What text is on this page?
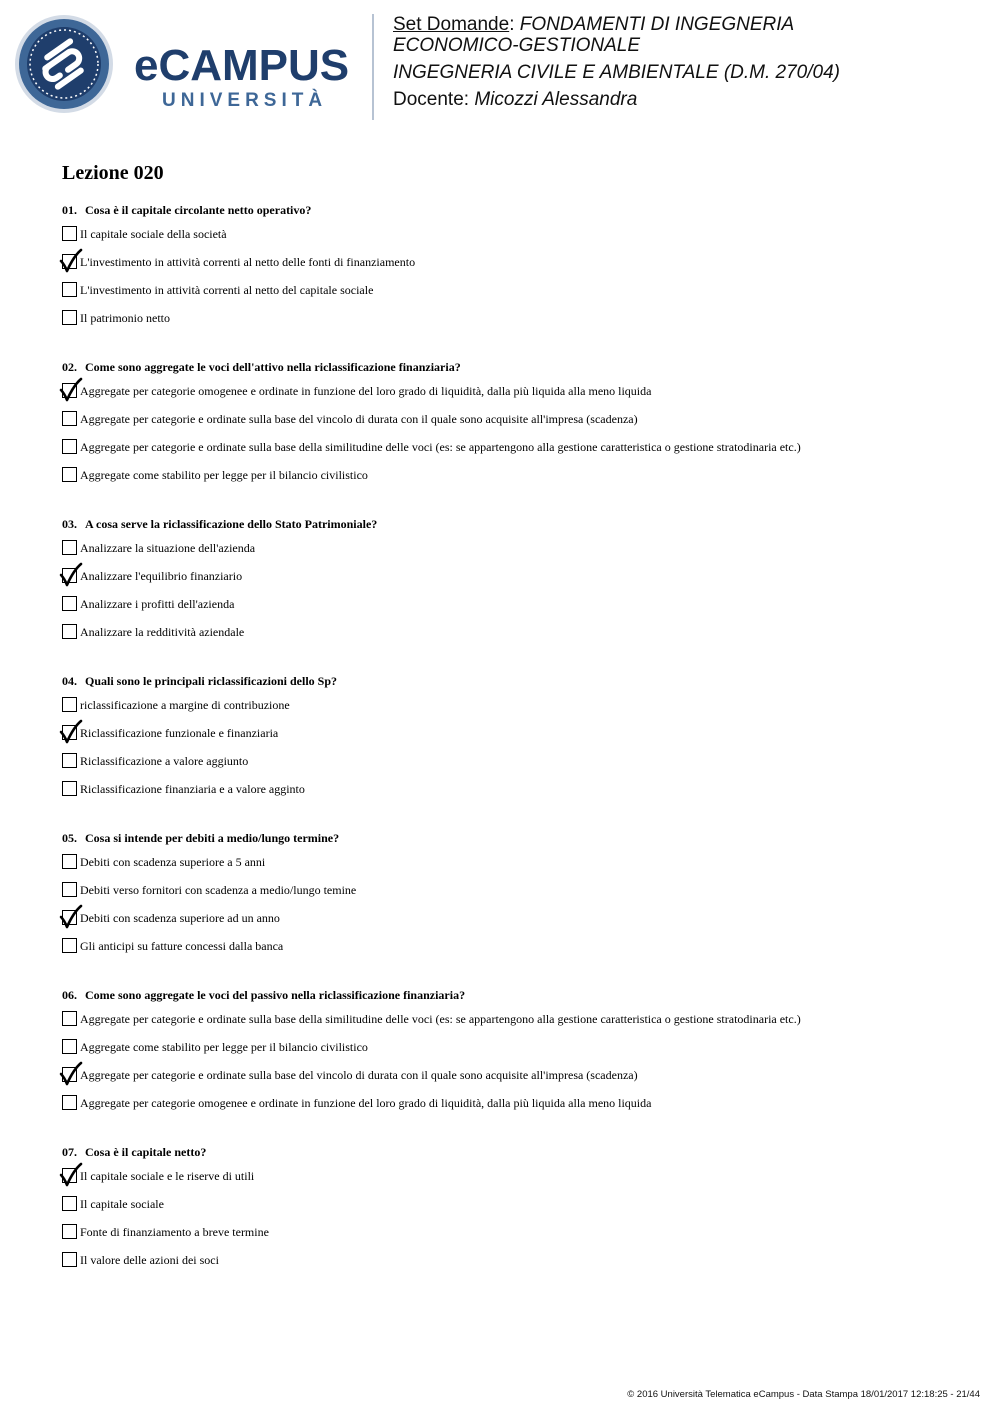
eCAMPUS
UNIVERSITÀ
Set Domande: FONDAMENTI DI INGEGNERIA
ECONOMICO-GESTIONALE
INGEGNERIA CIVILE E AMBIENTALE (D.M. 270/04)
Docente: Micozzi Alessandra
Lezione 020
01. Cosa è il capitale circolante netto operativo?
Il capitale sociale della società
L'investimento in attività correnti al netto delle fonti di finanziamento
L'investimento in attività correnti al netto del capitale sociale
Il patrimonio netto
02. Come sono aggregate le voci dell'attivo nella riclassificazione finanziaria?
Aggregate per categorie omogenee e ordinate in funzione del loro grado di liquidità, dalla più liquida alla meno liquida
Aggregate per categorie e ordinate sulla base del vincolo di durata con il quale sono acquisite all'impresa (scadenza)
Aggregate per categorie e ordinate sulla base della similitudine delle voci (es: se appartengono alla gestione caratteristica o gestione stratodinaria etc.)
Aggregate come stabilito per legge per il bilancio civilistico
03. A cosa serve la riclassificazione dello Stato Patrimoniale?
Analizzare la situazione dell'azienda
Analizzare l'equilibrio finanziario
Analizzare i profitti dell'azienda
Analizzare la redditività aziendale
04. Quali sono le principali riclassificazioni dello Sp?
riclassificazione a margine di contribuzione
Riclassificazione funzionale e finanziaria
Riclassificazione a valore aggiunto
Riclassificazione finanziaria e a valore agginto
05. Cosa si intende per debiti a medio/lungo termine?
Debiti con scadenza superiore a 5 anni
Debiti verso fornitori con scadenza a medio/lungo temine
Debiti con scadenza superiore ad un anno
Gli anticipi su fatture concessi dalla banca
06. Come sono aggregate le voci del passivo nella riclassificazione finanziaria?
Aggregate per categorie e ordinate sulla base della similitudine delle voci (es: se appartengono alla gestione caratteristica o gestione stratodinaria etc.)
Aggregate come stabilito per legge per il bilancio civilistico
Aggregate per categorie e ordinate sulla base del vincolo di durata con il quale sono acquisite all'impresa (scadenza)
Aggregate per categorie omogenee e ordinate in funzione del loro grado di liquidità, dalla più liquida alla meno liquida
07. Cosa è il capitale netto?
Il capitale sociale e le riserve di utili
Il capitale sociale
Fonte di finanziamento a breve termine
Il valore delle azioni dei soci
© 2016 Università Telematica eCampus - Data Stampa 18/01/2017 12:18:25 - 21/44
